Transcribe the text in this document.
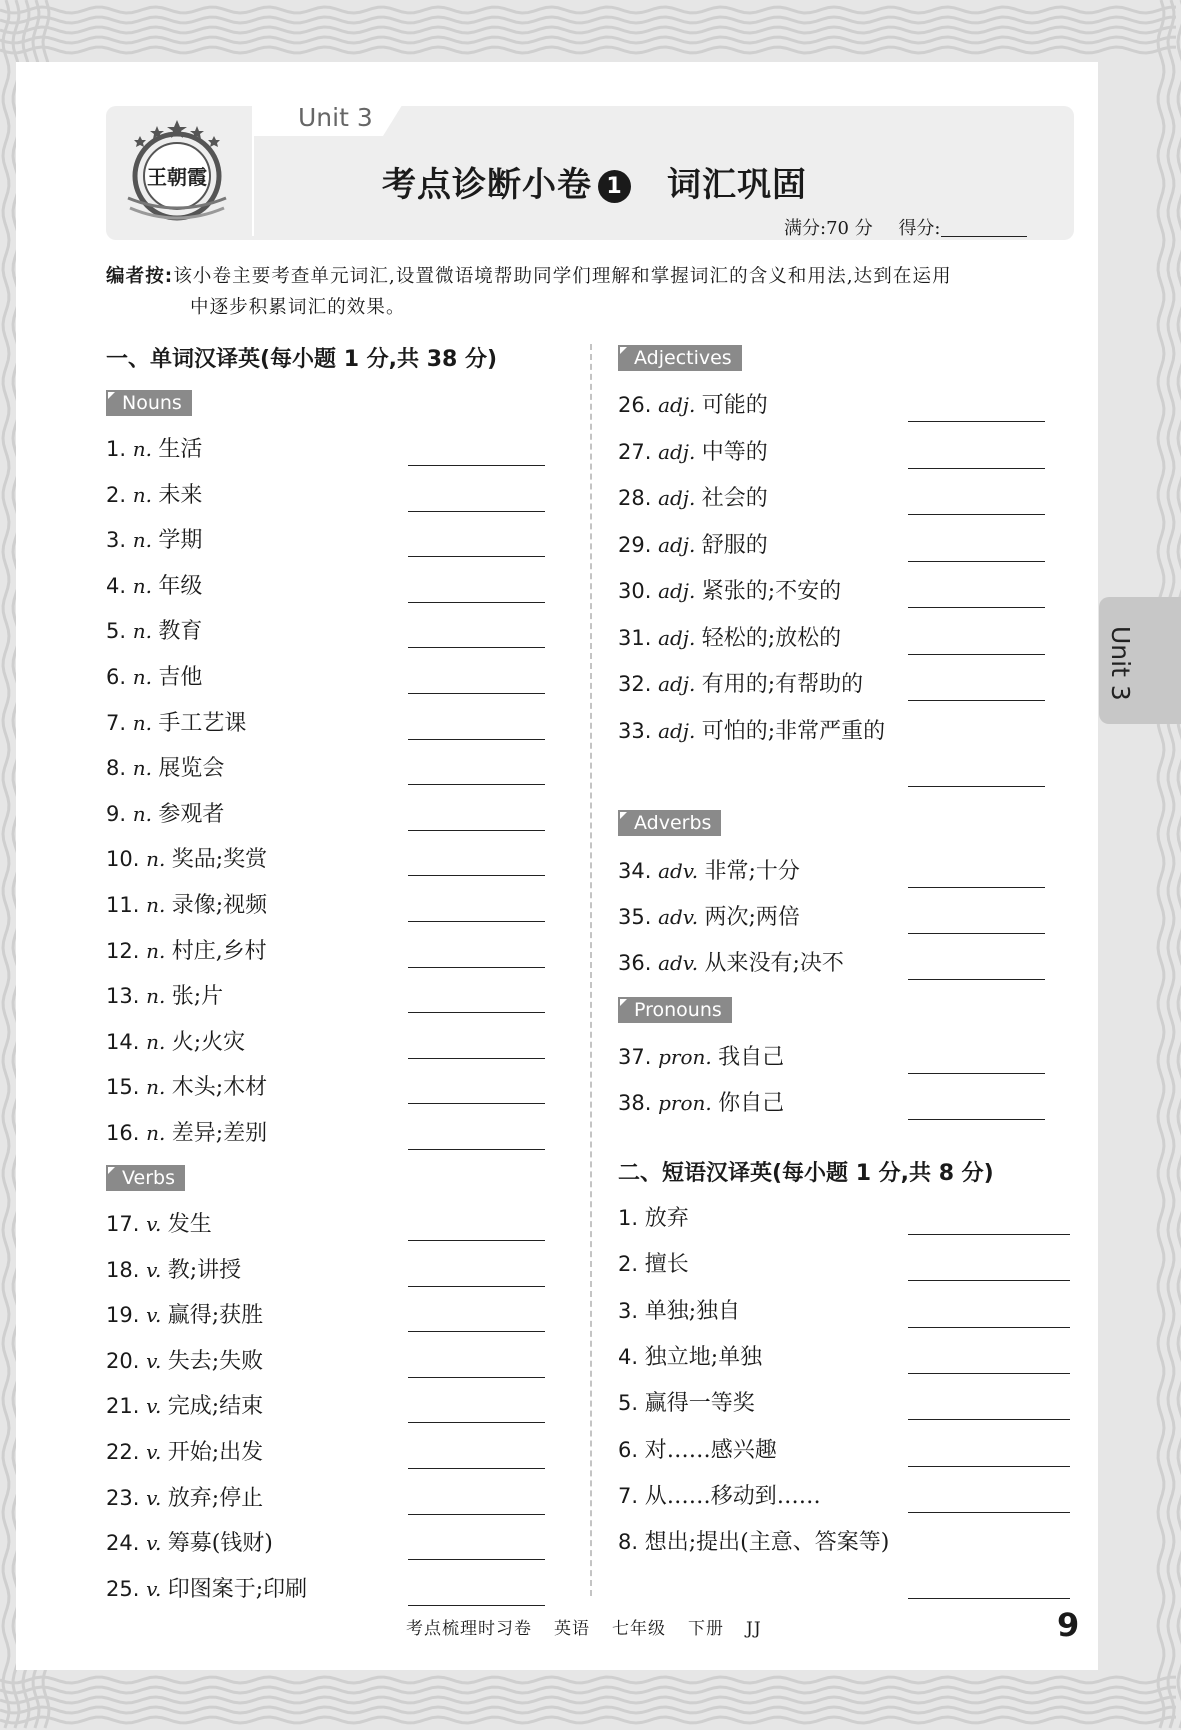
Unit 3
王朝霞	考点诊断小卷 1 词汇巩固
满分:70 分 得分:
编者按:该小卷主要考查单元词汇,设置微语境帮助同学们理解和掌握词汇的含义和用法,达到在运用
中逐步积累词汇的效果。
一、单词汉译英(每小题 1 分,共 38 分)
二、短语汉译英(每小题 1 分,共 8 分)
Nouns
1. n. 生活
2. n. 未来
3. n. 学期
4. n. 年级
5. n. 教育
6. n. 吉他
7. n. 手工艺课
8. n. 展览会
9. n. 参观者
10. n. 奖品;奖赏
11. n. 录像;视频
12. n. 村庄,乡村
13. n. 张;片
14. n. 火;火灾
15. n. 木头;木材
16. n. 差异;差别
Verbs
17. v. 发生
18. v. 教;讲授
19. v. 赢得;获胜
20. v. 失去;失败
21. v. 完成;结束
22. v. 开始;出发
23. v. 放弃;停止
24. v. 筹募(钱财)
25. v. 印图案于;印刷
Adjectives
26. adj. 可能的
27. adj. 中等的
28. adj. 社会的
29. adj. 舒服的
30. adj. 紧张的;不安的
31. adj. 轻松的;放松的
32. adj. 有用的;有帮助的
33. adj. 可怕的;非常严重的
Adverbs
34. adv. 非常;十分
35. adv. 两次;两倍
36. adv. 从来没有;决不
Pronouns
37. pron. 我自己
38. pron. 你自己
1. 放弃
2. 擅长
3. 单独;独自
4. 独立地;单独
5. 赢得一等奖
6. 对……感兴趣
7. 从……移动到……
8. 想出;提出(主意、答案等)
考点梳理时习卷 英语 七年级 下册 JJ	9
Unit 3
